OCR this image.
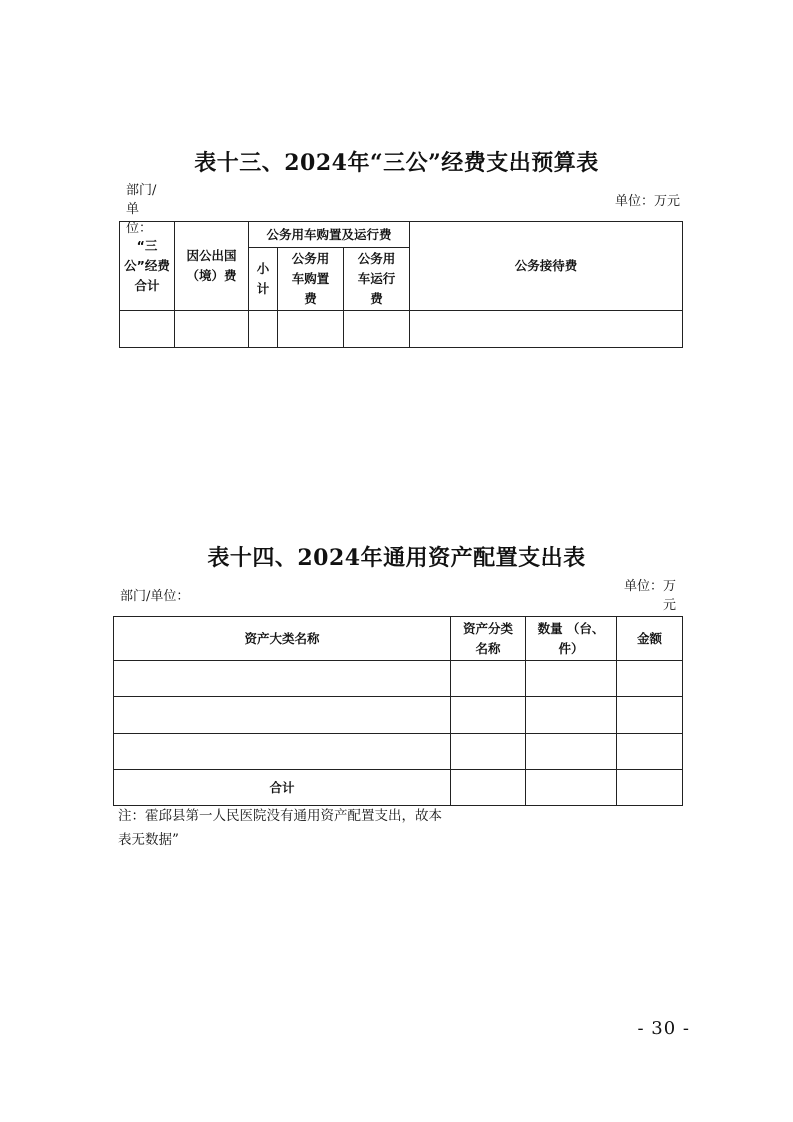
表十三、2024年“三公”经费支出预算表
部门/单位：
单位：万元
“三公”经费合计	因公出国（境）费	公务用车购置及运行费			公务接待费

		小计	公务用车购置费	公务用车运行费	

表十四、2024年通用资产配置支出表
部门/单位：
单位：万元
资产大类名称	资产分类名称	数量 （台、件）	金额

合计			

注：霍邱县第一人民医院没有通用资产配置支出，故本表无数据”
- 30 -
